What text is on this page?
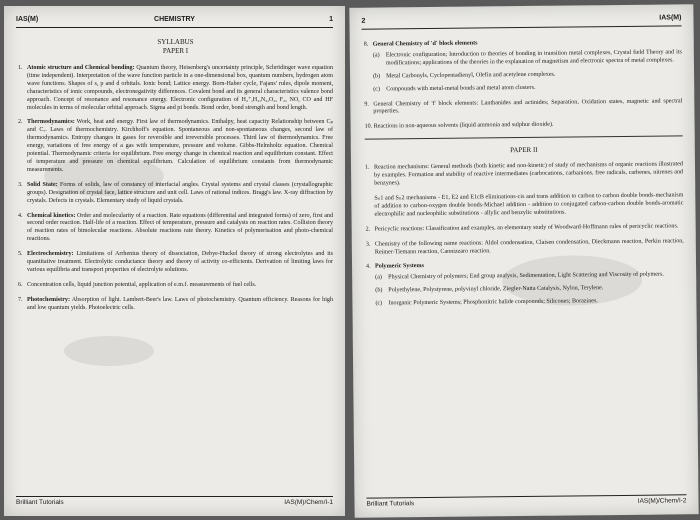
IAS(M)	CHEMISTRY	1
SYLLABUS
PAPER I
1. Atomic structure and Chemical bonding: Quantum theory, Heisenberg's uncertainty principle, Schrödinger wave equation (time independent). Interpretation of the wave function particle in a one-dimensional box, quantum numbers, hydrogen atom wave functions. Shapes of s, p and d orbitals. Ionic bond; Lattice energy. Born-Haber cycle, Fajans' rules, dipole moment, characteristics of ionic compounds, electronegativity differences. Covalent bond and its general characteristics valence bond approach. Concept of resonance and resonance energy. Electronic configuration of H₂⁺,H₂,N₂,O₂, F₂, NO, CO and HF molecules in terms of molecular orbital approach. Sigma and pi bonds. Bond order, bond strength and bond length.
2. Thermodynamics: Work, heat and energy. First law of thermodynamics. Enthalpy, heat capacity Relationship between Cₚ and Cᵥ. Laws of thermochemistry. Kirchhoff's equation. Spontaneous and non-spontaneous changes, second law of thermodynamics. Entropy changes in gases for reversible and irreversible processes. Third law of thermodynamics. Free energy, variations of free energy of a gas with temperature, pressure and volume. Gibbs-Helmholtz equation. Chemical potential. Thermodynamic criteria for equilibrium. Free energy change in chemical reaction and equilibrium constant. Effect of temperature and pressure on chemical equilibrium. Calculation of equilibrium constants from thermodynamic measurements.
3. Solid State: Forms of solids, law of constancy of interfacial angles. Crystal systems and crystal classes (crystallographic groups). Designation of crystal face, lattice structure and unit cell. Laws of rational indices. Bragg's law. X-ray diffraction by crystals. Defects in crystals. Elementary study of liquid crystals.
4. Chemical kinetics: Order and molecularity of a reaction. Rate equations (differential and integrated forms) of zero, first and second order reaction. Half-life of a reaction. Effect of temperature, pressure and catalysts on reaction rates. Collision theory of reaction rates of bimolecular reactions. Absolute reactions rate theory. Kinetics of polymerisation and photo-chemical reactions.
5. Electrochemistry: Limitations of Arrhenius theory of dissociation, Debye-Huckel theory of strong electrolytes and its quantitative treatment. Electrolytic conductance theory and theory of activity co-efficients. Derivation of limiting laws for various equilibria and transport properties of electrolyte solutions.
6. Concentration cells, liquid junction potential, application of e.m.f. measurements of fuel cells.
7. Photochemistry: Absorption of light. Lambert-Beer's law. Laws of photochemistry. Quantum efficiency. Reasons for high and low quantum yields. Photoelectric cells.
Brilliant Tutorials	IAS(M)/Chem/I-1
2	IAS(M)
8. General Chemistry of 'd' block elements
(a) Electronic configuration; Introduction to theories of bonding in transition metal complexes, Crystal field Theory and its modifications; applications of the theories in the explanation of magnetism and electronic spectra of metal complexes.
(b) Metal Carbonyls, Cyclopentadienyl, Olefin and acetylene complexes.
(c) Compounds with metal-metal bonds and metal atom clusters.
9. General Chemistry of 'f' block elements: Lanthanides and actinides; Separation, Oxidation states, magnetic and spectral properties.
10. Reactions in non-aqueous solvents (liquid ammonia and sulphur dioxide).
PAPER II
1. Reaction mechanisms: General methods (both kinetic and non-kinetic) of study of mechanisms of organic reactions illustrated by examples. Formation and stability of reactive intermediates (carbocations, carbanions, free radicals, carbenes, nitrenes and benzynes).
Sₙ1 and Sₙ2 mechanisms - E1, E2 and E1cB eliminations-cis and trans addition to carbon to carbon double bonds-mechanism of addition to carbon-oxygen double bonds-Michael addition - addition to conjugated carbon-carbon double bonds-aromatic electrophilic and nucleophilic substitutions - allylic and benzylic substitutions.
2. Pericyclic reactions: Classification and examples, an elementary study of Woodward-Hoffmann rules of pericyclic reactions.
3. Chemistry of the following name reactions: Aldol condensation, Claisen condensation, Dieckmann reaction, Perkin reaction, Reimer-Tiemann reaction, Cannizzaro reaction.
4. Polymeric Systems
(a) Physical Chemistry of polymers; End group analysis, Sedimentation, Light Scattering and Viscosity of polymers.
(b) Polyethylene, Polystyrene, polyvinyl chloride, Ziegler-Natta Catalysis, Nylon, Terylene.
(c) Inorganic Polymeric Systems; Phosphonitric halide compounds; Silicones; Borazines.
Brilliant Tutorials	IAS(M)/Chem/I-2
